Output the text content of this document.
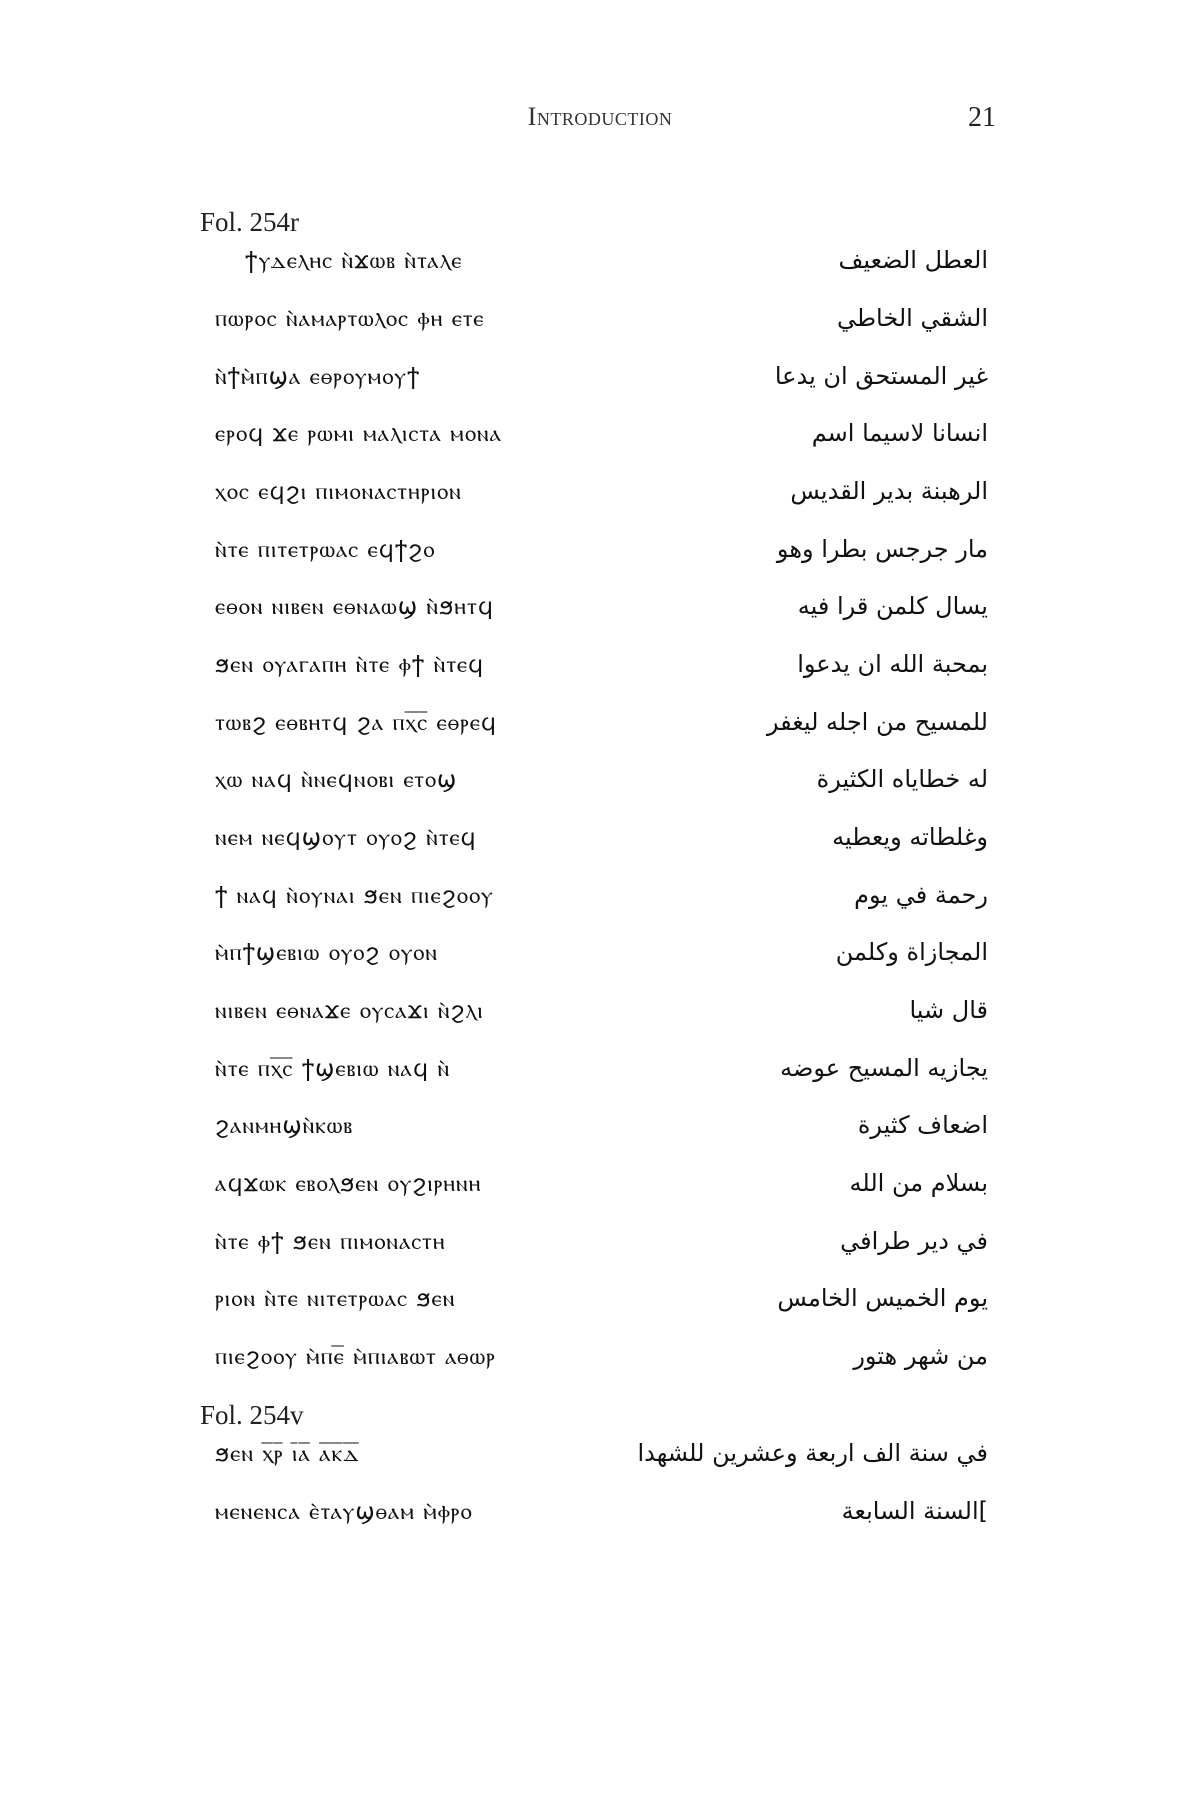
Introduction	21
Fol. 254r
ϯⲩⲇⲉⲗⲏⲥ ⲛ̀ϫⲱⲃ ⲛ̀ⲧⲁⲗⲉ	العطل الضعيف
ⲡⲱⲣⲟⲥ ⲛ̀ⲁⲙⲁⲣⲧⲱⲗⲟⲥ ⲫⲏ ⲉⲧⲉ	الشقي الخاطي
ⲛ̀ϯⲙ̀ⲡϣⲁ ⲉⲑⲣⲟⲩⲙⲟⲩϯ	غير المستحق ان يدعا
ⲉⲣⲟϥ ϫⲉ ⲣⲱⲙⲓ ⲙⲁⲗⲓⲥⲧⲁ ⲙⲟⲛⲁ	انسانا لاسيما اسم
ⲭⲟⲥ ⲉϥϩⲓ ⲡⲓⲙⲟⲛⲁⲥⲧⲏⲣⲓⲟⲛ	الرهبنة بدير القديس
ⲛ̀ⲧⲉ ⲡⲓⲧⲉⲧⲣⲱⲁⲥ ⲉϥϯϩⲟ	مار جرجس بطرا وهو
ⲉⲑⲟⲛ ⲛⲓⲃⲉⲛ ⲉⲑⲛⲁⲱϣ ⲛ̀ϧⲏⲧϥ	يسال كلمن قرا فيه
ϧⲉⲛ ⲟⲩⲁⲅⲁⲡⲏ ⲛ̀ⲧⲉ ⲫϯ ⲛ̀ⲧⲉϥ	بمحبة الله ان يدعوا
ⲧⲱⲃϩ ⲉⲑⲃⲏⲧϥ ϩⲁ ⲡⲭ̅ⲥ̅ ⲉⲑⲣⲉϥ	للمسيح من اجله ليغفر
ⲭⲱ ⲛⲁϥ ⲛ̀ⲛⲉϥⲛⲟⲃⲓ ⲉⲧⲟϣ	له خطاياه الكثيرة
ⲛⲉⲙ ⲛⲉϥϣⲟⲩⲧ ⲟⲩⲟϩ ⲛ̀ⲧⲉϥ	وغلطاته ويعطيه
ϯ ⲛⲁϥ ⲛ̀ⲟⲩⲛⲁⲓ ϧⲉⲛ ⲡⲓⲉϩⲟⲟⲩ	رحمة في يوم
ⲙ̀ⲡϯϣⲉⲃⲓⲱ ⲟⲩⲟϩ ⲟⲩⲟⲛ	المجازاة وكلمن
ⲛⲓⲃⲉⲛ ⲉⲑⲛⲁϫⲉ ⲟⲩⲥⲁϫⲓ ⲛ̀ϩⲗⲓ	قال شيا
ⲛ̀ⲧⲉ ⲡⲭ̅ⲥ̅ ϯϣⲉⲃⲓⲱ ⲛⲁϥ ⲛ̀	يجازيه المسيح عوضه
ϩⲁⲛⲙⲏϣⲛ̀ⲕⲱⲃ	اضعاف كثيرة
ⲁϥϫⲱⲕ ⲉⲃⲟⲗϧⲉⲛ ⲟⲩϩⲓⲣⲏⲛⲏ	بسلام من الله
ⲛ̀ⲧⲉ ⲫϯ ϧⲉⲛ ⲡⲓⲙⲟⲛⲁⲥⲧⲏ	في دير طرافي
ⲣⲓⲟⲛ ⲛ̀ⲧⲉ ⲛⲓⲧⲉⲧⲣⲱⲁⲥ ϧⲉⲛ	يوم الخميس الخامس
ⲡⲓⲉϩⲟⲟⲩ ⲙ̀ⲡⲉ̅ ⲙ̀ⲡⲓⲁⲃⲱⲧ ⲁⲑⲱⲣ	من شهر هتور
Fol. 254v
ϧⲉⲛ ⲭ̅ⲣ̅ ⲓ̅ⲁ̅ ⲁ̅ⲕ̅ⲇ̅	في سنة الف اربعة وعشرين للشهدا
ⲙⲉⲛⲉⲛⲥⲁ ⲉ̀ⲧⲁⲩϣⲑⲁⲙ ⲙ̀ⲫⲣⲟ	]السنة السابعة
